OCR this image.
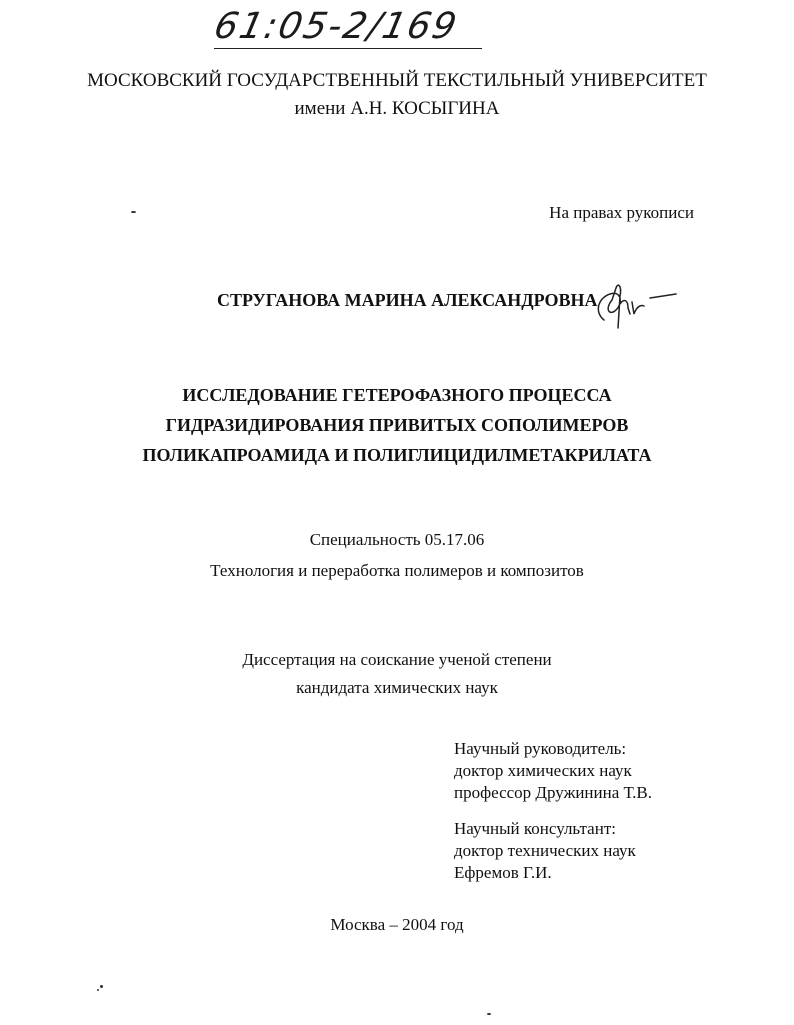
61:05-2/169
МОСКОВСКИЙ ГОСУДАРСТВЕННЫЙ ТЕКСТИЛЬНЫЙ УНИВЕРСИТЕТ
имени А.Н. КОСЫГИНА
На правах рукописи
СТРУГАНОВА МАРИНА АЛЕКСАНДРОВНА
ИССЛЕДОВАНИЕ ГЕТЕРОФАЗНОГО ПРОЦЕССА
ГИДРАЗИДИРОВАНИЯ ПРИВИТЫХ СОПОЛИМЕРОВ
ПОЛИКАПРОАМИДА И ПОЛИГЛИЦИДИЛМЕТАКРИЛАТА
Специальность 05.17.06
Технология и переработка полимеров и композитов
Диссертация на соискание ученой степени
кандидата химических наук
Научный руководитель:
доктор химических наук
профессор Дружинина Т.В.
Научный консультант:
доктор технических наук
Ефремов Г.И.
Москва – 2004 год
